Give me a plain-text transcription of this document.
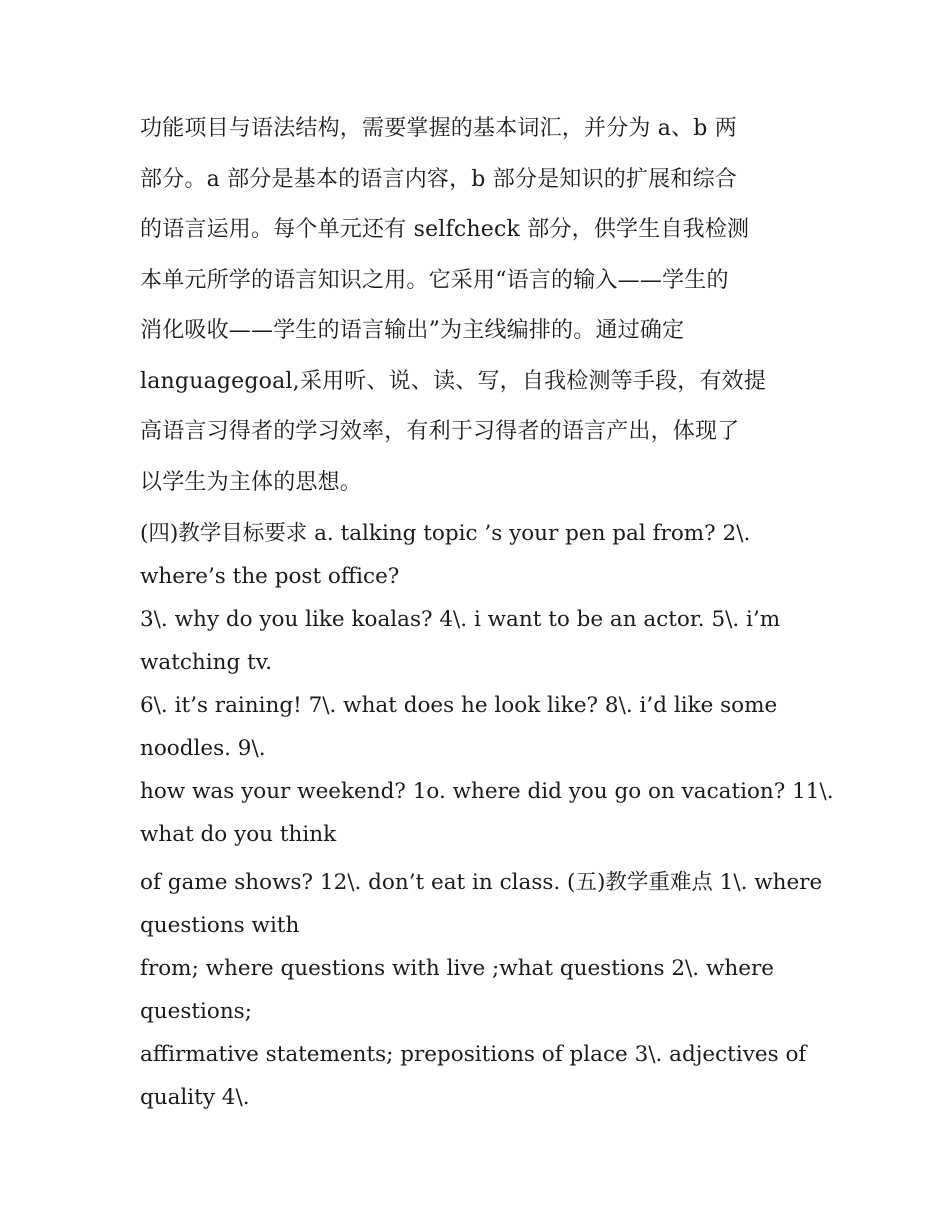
功能项目与语法结构，需要掌握的基本词汇，并分为 a、b 两

部分。a 部分是基本的语言内容，b 部分是知识的扩展和综合

的语言运用。每个单元还有 selfcheck 部分，供学生自我检测

本单元所学的语言知识之用。它采用“语言的输入——学生的

消化吸收——学生的语言输出”为主线编排的。通过确定

languagegoal,采用听、说、读、写，自我检测等手段，有效提

高语言习得者的学习效率，有利于习得者的语言产出，体现了

以学生为主体的思想。

(四)教学目标要求 a. talking topic ’s your pen pal from? 2\.

where’s the post office?

3\. why do you like koalas? 4\. i want to be an actor. 5\. i’m

watching tv.

6\. it’s raining! 7\. what does he look like? 8\. i’d like some

noodles. 9\.

how was your weekend? 1o. where did you go on vacation? 11\.

what do you think

of game shows? 12\. don’t eat in class. (五)教学重难点 1\. where

questions with

from; where questions with live ;what questions 2\. where

questions;

affirmative statements; prepositions of place 3\. adjectives of

quality 4\.
